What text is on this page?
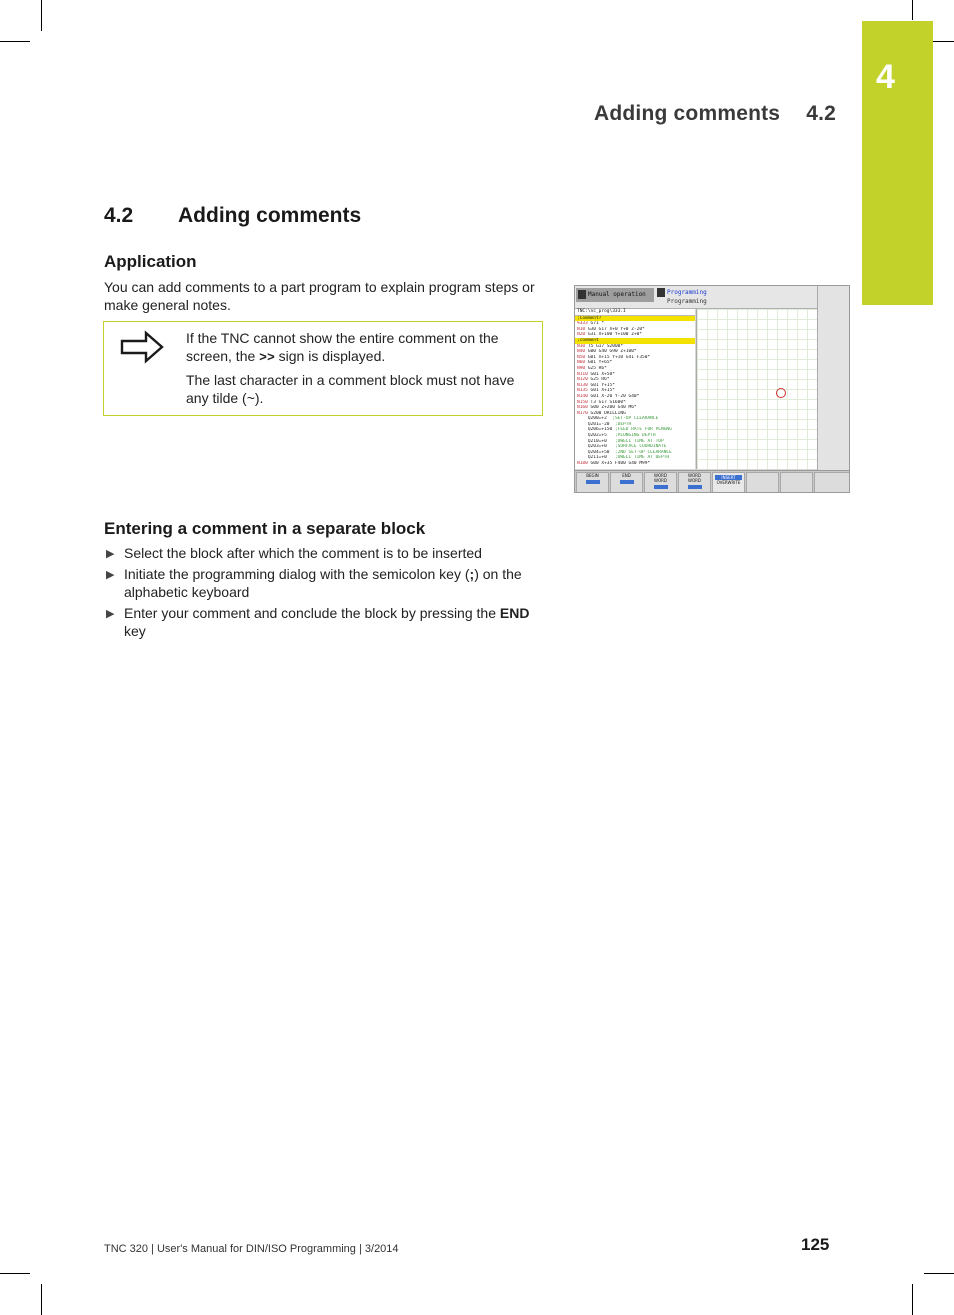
4
Adding comments 4.2
4.2 Adding comments
Application

You can add comments to a part program to explain program steps or make general notes.

If the TNC cannot show the entire comment on the screen, the >> sign is displayed.

The last character in a comment block must not have any tilde (~).

Manual operation	Programming
Programming
TNC:\nc_prog\333.I
;Comment?
%333 G71 *
N10 G30 G17 X+0 Y+0 Z-20*
N20 G31 X+100 Y+100 Z+0*
;comment
N30 T5 G17 S2000*
N40 G00 G40 G90 Z+100*
N50 G01 X+15 Y+10 G41 F350*
N60 G01 Y+65*
N90 G25 R6*
N110 G01 X+50*
N120 G25 R6*
N130 G01 Y+15*
N135 G01 X+15*
N140 G01 X-20 Y-20 G40*
N150 T3 G17 S1600*
N160 G00 Z+200 G40 M6*
N170 G200 DRILLING
Q200=+2  ;SET-UP CLEARANCE
Q201=-20  ;DEPTH
Q206=+150 ;FEED RATE FOR PLNGNG
Q202=+5   ;PLUNGING DEPTH
Q210=+0   ;DWELL TIME AT TOP
Q203=+0   ;SURFACE COORDINATE
Q204=+50  ;2ND SET-UP CLEARANCE
Q211=+0   ;DWELL TIME AT DEPTH
N180 G00 X+35 F400 G40 M99*
BEGIN	END	WORD
WORD
WORD
WORD
INSERT
OVERWRITE
Entering a comment in a separate block
▶ Select the block after which the comment is to be inserted
▶ Initiate the programming dialog with the semicolon key (;) on the alphabetic keyboard
▶ Enter your comment and conclude the block by pressing the END key
TNC 320 | User's Manual for DIN/ISO Programming | 3/2014	125
